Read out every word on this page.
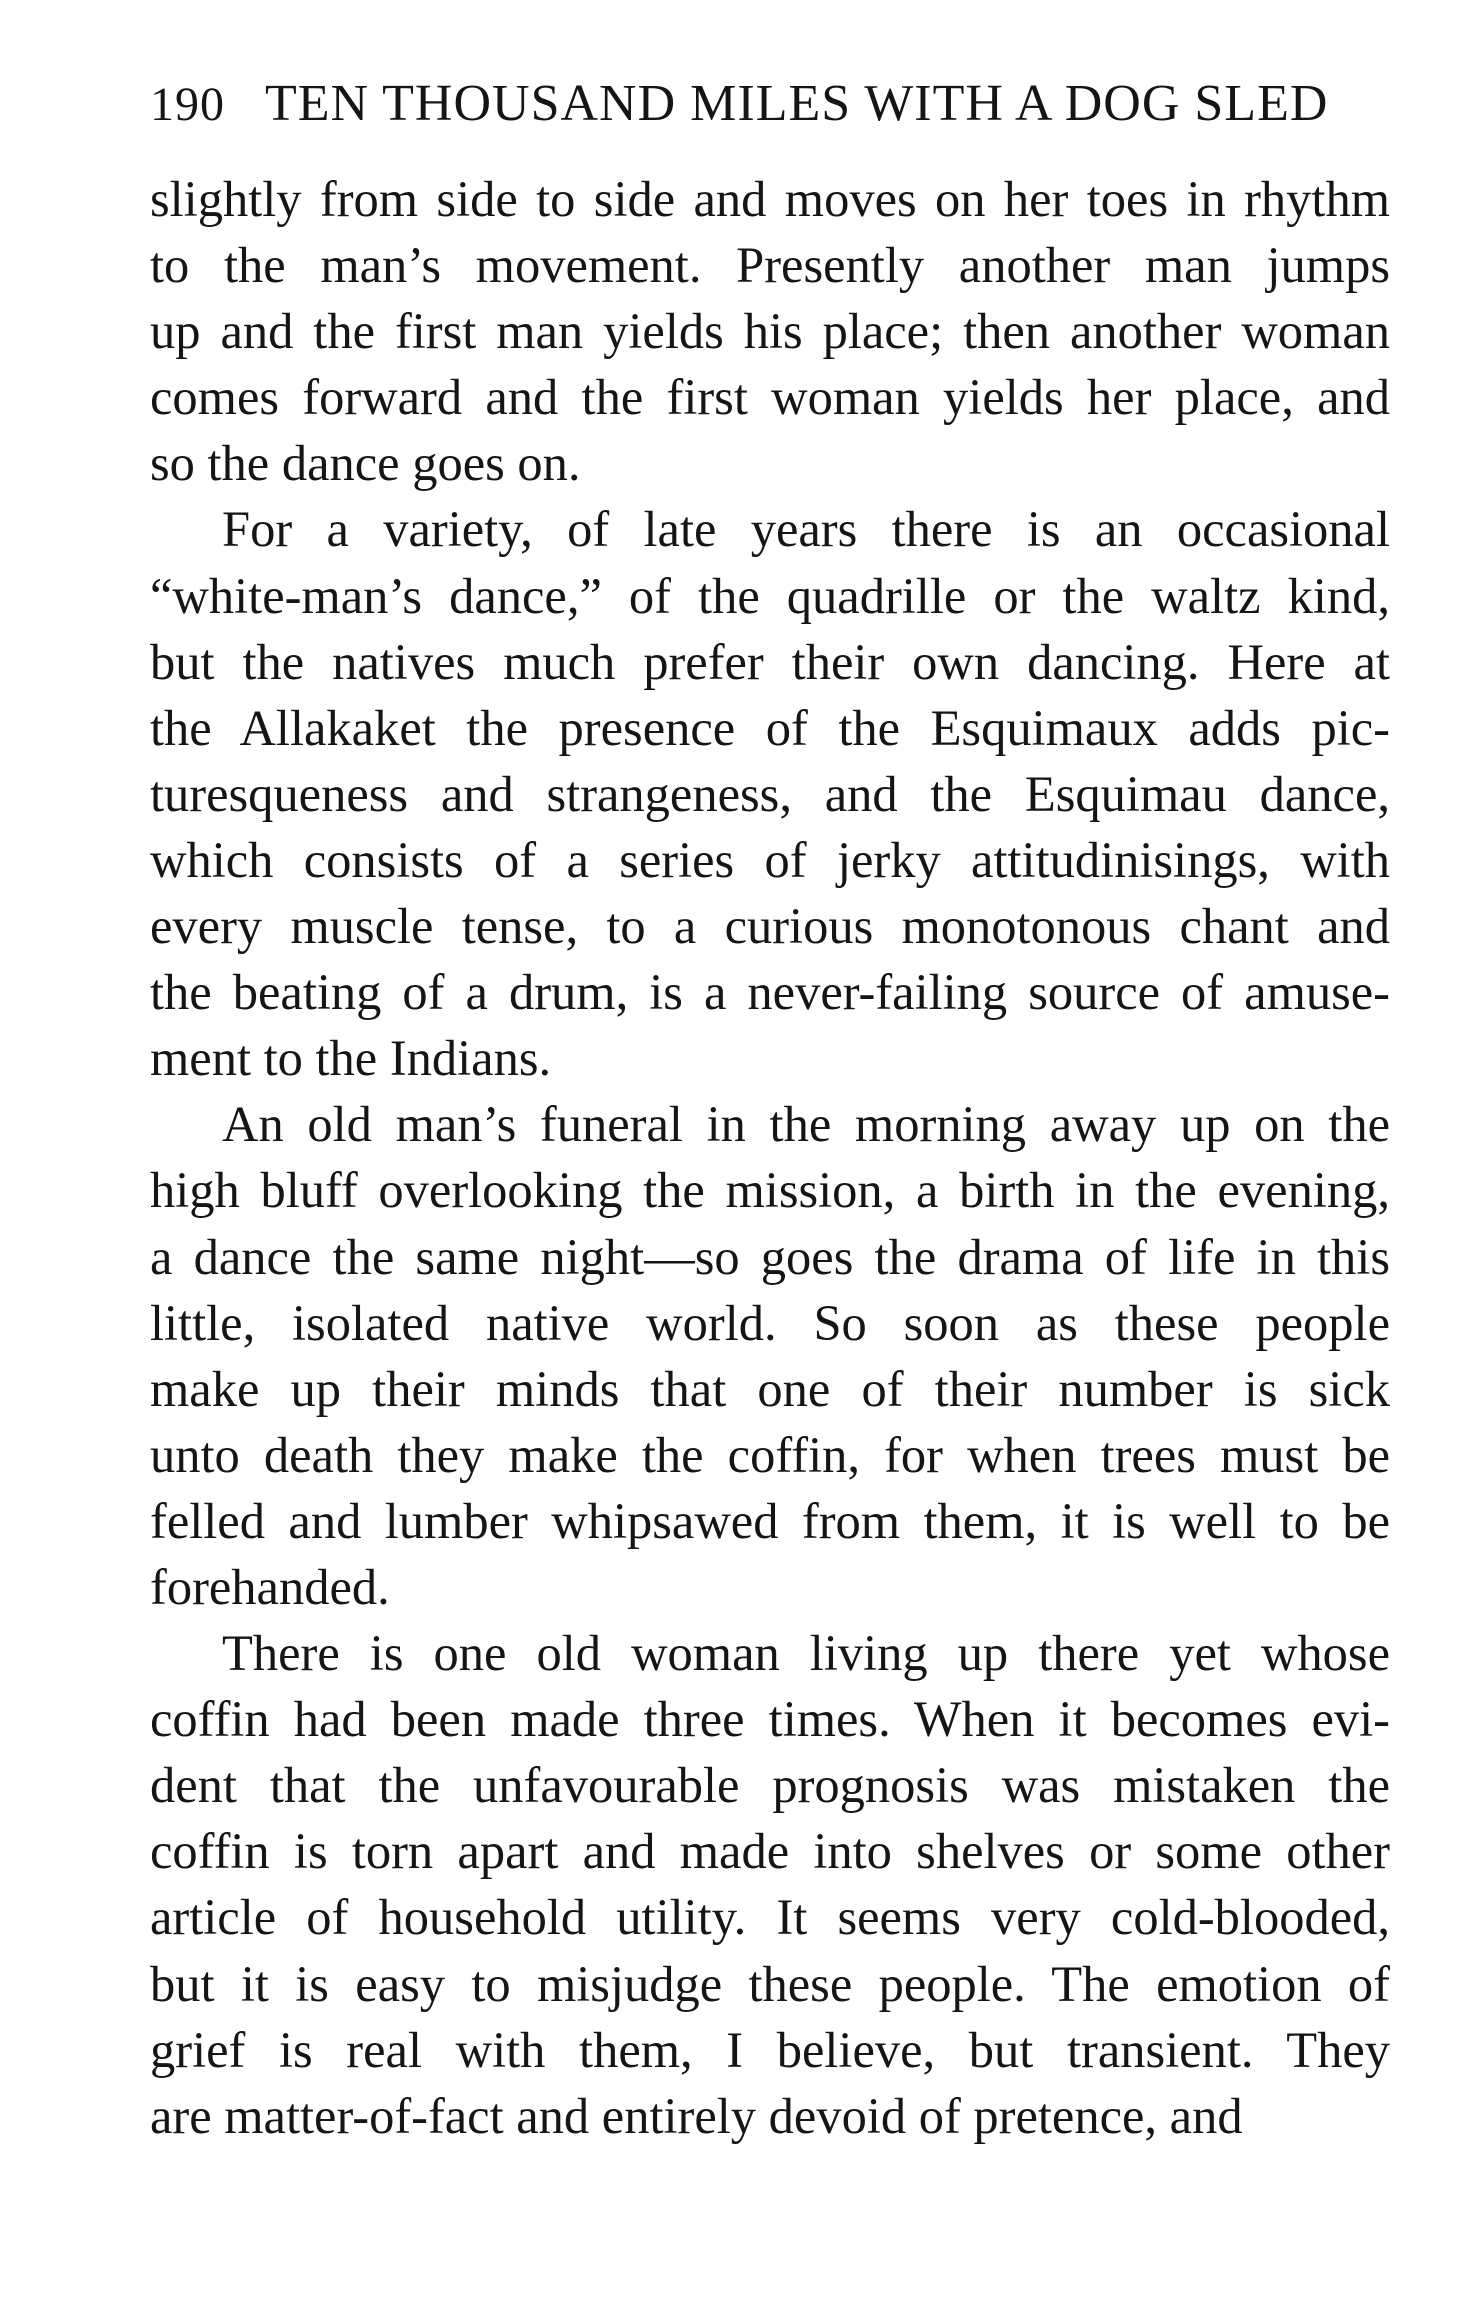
190 TEN THOUSAND MILES WITH A DOG SLED
slightly from side to side and moves on her toes in rhythm
to the man’s movement. Presently another man jumps
up and the first man yields his place; then another woman
comes forward and the first woman yields her place, and
so the dance goes on.
For a variety, of late years there is an occasional
“white-man’s dance,” of the quadrille or the waltz kind,
but the natives much prefer their own dancing. Here at
the Allakaket the presence of the Esquimaux adds pic-
turesqueness and strangeness, and the Esquimau dance,
which consists of a series of jerky attitudinisings, with
every muscle tense, to a curious monotonous chant and
the beating of a drum, is a never-failing source of amuse-
ment to the Indians.
An old man’s funeral in the morning away up on the
high bluff overlooking the mission, a birth in the evening,
a dance the same night—so goes the drama of life in this
little, isolated native world. So soon as these people
make up their minds that one of their number is sick
unto death they make the coffin, for when trees must be
felled and lumber whipsawed from them, it is well to be
forehanded.
There is one old woman living up there yet whose
coffin had been made three times. When it becomes evi-
dent that the unfavourable prognosis was mistaken the
coffin is torn apart and made into shelves or some other
article of household utility. It seems very cold-blooded,
but it is easy to misjudge these people. The emotion of
grief is real with them, I believe, but transient. They
are matter-of-fact and entirely devoid of pretence, and
